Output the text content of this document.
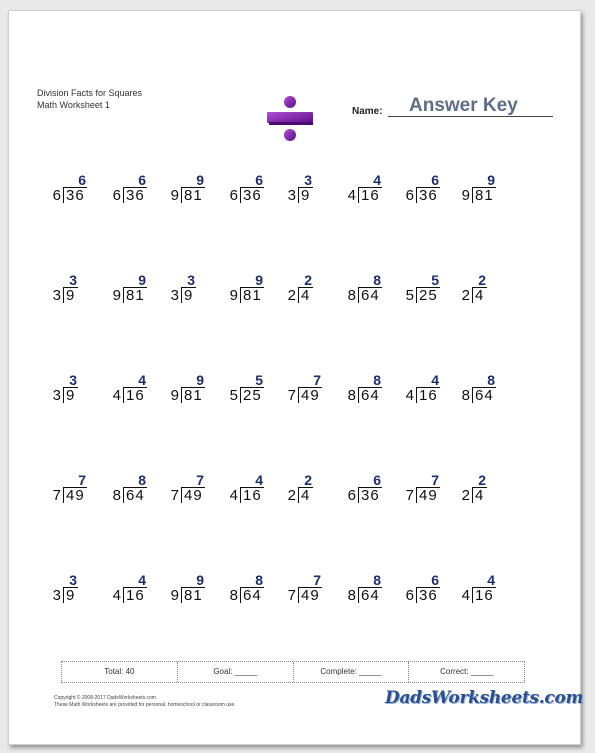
Division Facts for Squares
Math Worksheet 1
Name: Answer Key
6
6 36
6
6 36
9
9 81
6
6 36
3
3 9
4
4 16
6
6 36
9
9 81
3
3 9
9
9 81
3
3 9
9
9 81
2
2 4
8
8 64
5
5 25
2
2 4
3
3 9
4
4 16
9
9 81
5
5 25
7
7 49
8
8 64
4
4 16
8
8 64
7
7 49
8
8 64
7
7 49
4
4 16
2
2 4
6
6 36
7
7 49
2
2 4
3
3 9
4
4 16
9
9 81
8
8 64
7
7 49
8
8 64
6
6 36
4
4 16
Total: 40	Goal: _____	Complete: _____	Correct: _____
Copyright © 2008-2017 DadsWorksheets.com
These Math Worksheets are provided for personal, homeschool or classroom use.	DadsWorksheets.com
